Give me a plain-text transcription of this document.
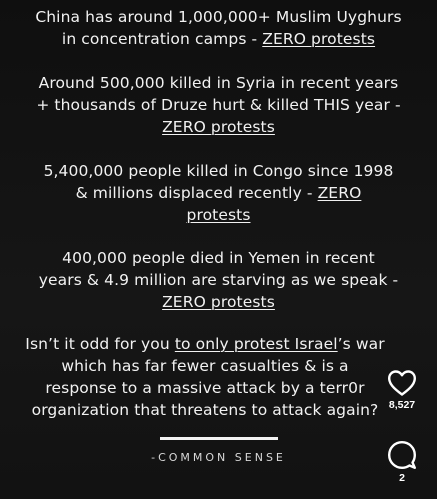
China has around 1,000,000+ Muslim Uyghurs
in concentration camps - ZERO protests
Around 500,000 killed in Syria in recent years
+ thousands of Druze hurt & killed THIS year -
ZERO protests
5,400,000 people killed in Congo since 1998
& millions displaced recently - ZERO
protests
400,000 people died in Yemen in recent
years & 4.9 million are starving as we speak -
ZERO protests
Isn’t it odd for you to only protest Israel’s war
which has far fewer casualties & is a
response to a massive attack by a terr0r
organization that threatens to attack again?
-COMMON SENSE
8,527
2
